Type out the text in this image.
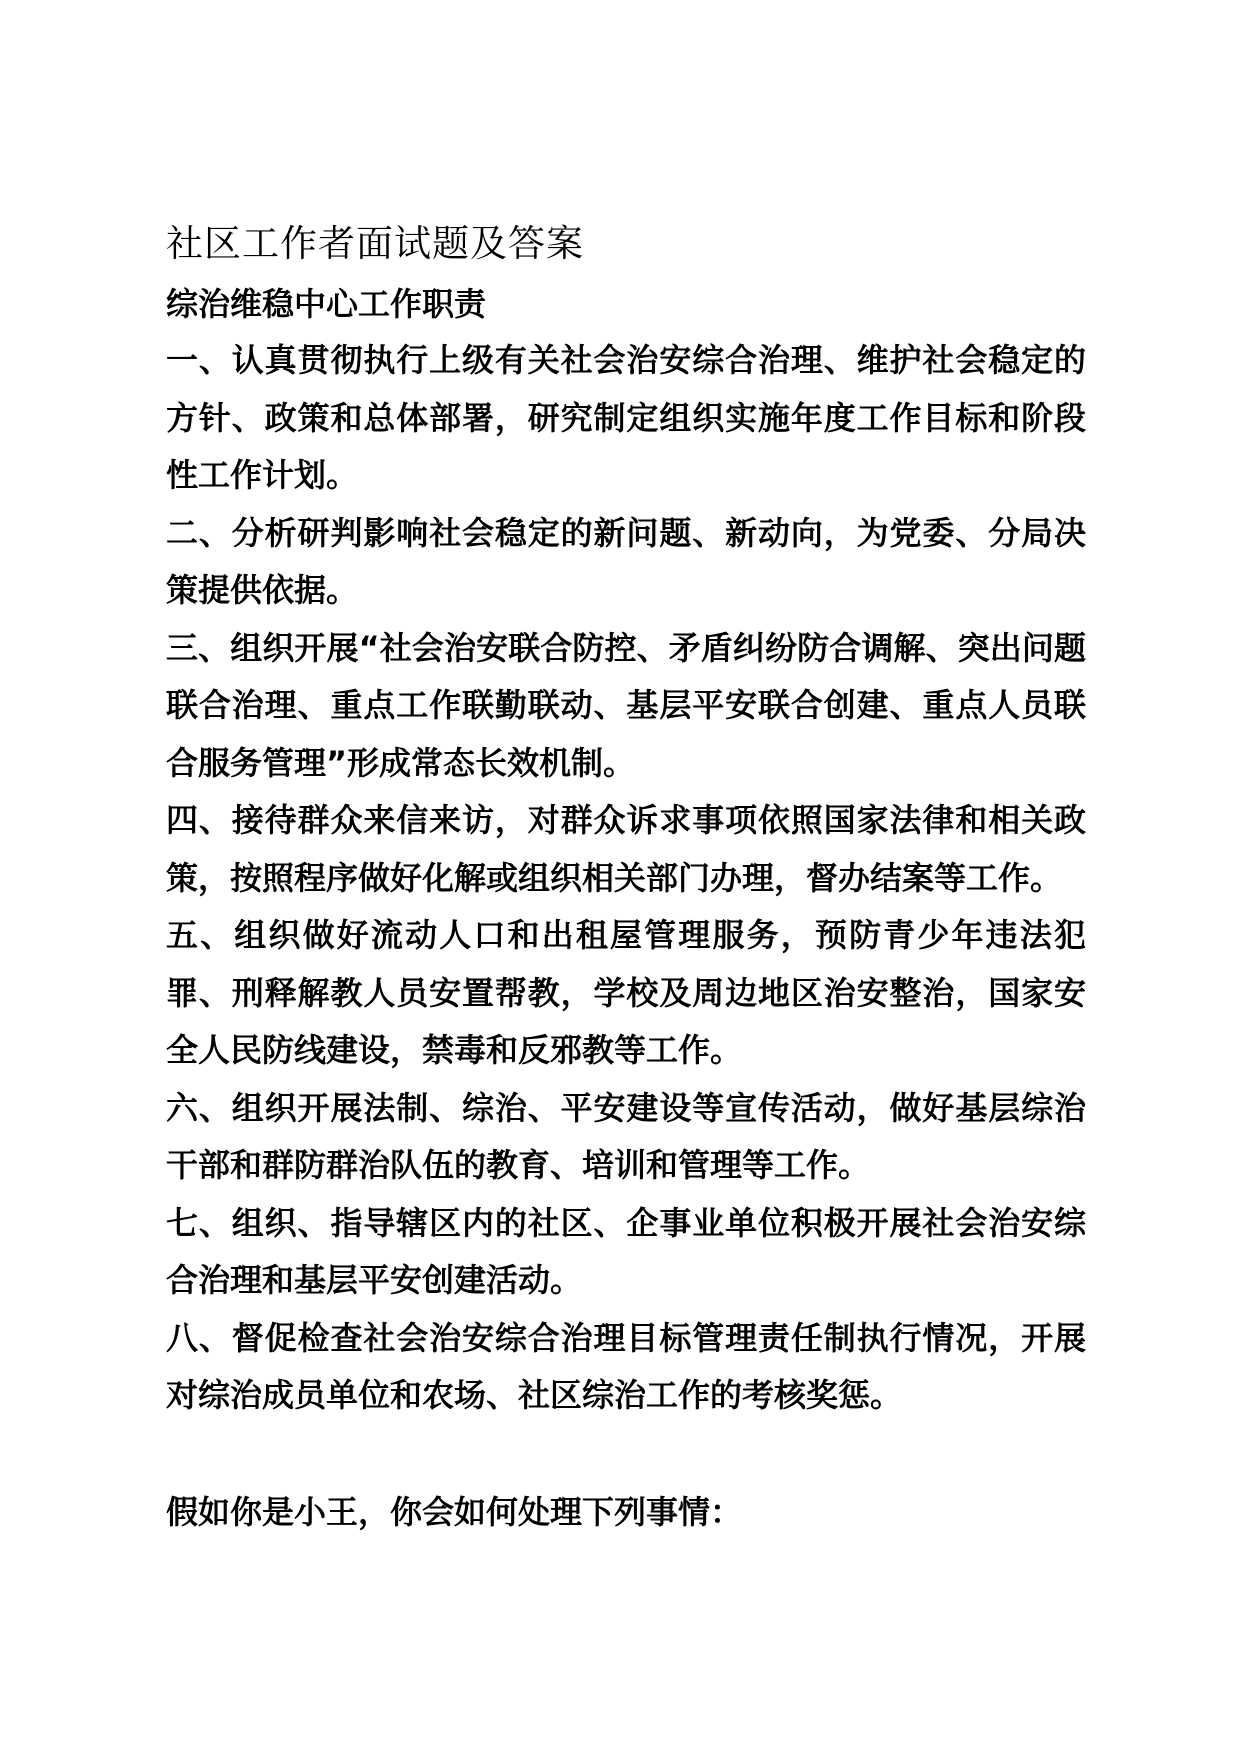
社区工作者面试题及答案
综治维稳中心工作职责
一、认真贯彻执行上级有关社会治安综合治理、维护社会稳定的方针、政策和总体部署，研究制定组织实施年度工作目标和阶段性工作计划。
二、分析研判影响社会稳定的新问题、新动向，为党委、分局决策提供依据。
三、组织开展“社会治安联合防控、矛盾纠纷防合调解、突出问题联合治理、重点工作联勤联动、基层平安联合创建、重点人员联合服务管理”形成常态长效机制。
四、接待群众来信来访，对群众诉求事项依照国家法律和相关政策，按照程序做好化解或组织相关部门办理，督办结案等工作。
五、组织做好流动人口和出租屋管理服务，预防青少年违法犯罪、刑释解教人员安置帮教，学校及周边地区治安整治，国家安全人民防线建设，禁毒和反邪教等工作。
六、组织开展法制、综治、平安建设等宣传活动，做好基层综治干部和群防群治队伍的教育、培训和管理等工作。
七、组织、指导辖区内的社区、企事业单位积极开展社会治安综合治理和基层平安创建活动。
八、督促检查社会治安综合治理目标管理责任制执行情况，开展对综治成员单位和农场、社区综治工作的考核奖惩。

假如你是小王，你会如何处理下列事情：
